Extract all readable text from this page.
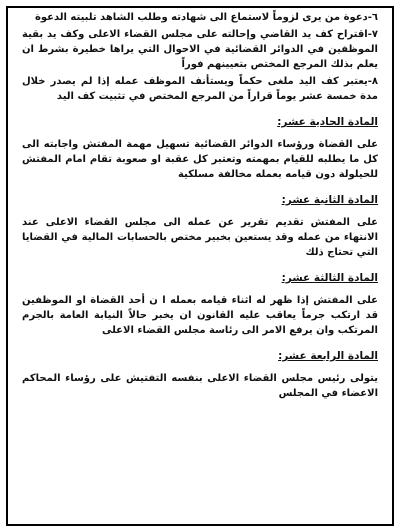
٦-دعوة من يرى لزوماً لاستماع الى شهادته وطلب الشاهد تلبيته الدعوة

٧-اقتراح كف يد القاضي وإحالته على مجلس القضاء الاعلى وكف يد بقية الموظفين في الدوائر القضائية في الاحوال التي يراها خطيرة بشرط ان يعلم بذلك المرجع المختص بتعيينهم فوراً

٨-يعتبر كف اليد ملغى حكماً ويستأنف الموظف عمله إذا لم يصدر خلال مدة خمسة عشر يوماً قراراً من المرجع المختص في تثبيت كف اليد

المادة الحادية عشر:

على القضاة ورؤساء الدوائر القضائية تسهيل مهمة المفتش واجابته الى كل ما يطلبه للقيام بمهمته وتعتبر كل عقبة او صعوبة تقام امام المفتش للحيلولة دون قيامه بعمله مخالفة مسلكية

المادة الثانية عشر:

على المفتش تقديم تقرير عن عمله الى مجلس القضاء الاعلى عند الانتهاء من عمله وقد يستعين بخبير مختص بالحسابات المالية في القضايا التي تحتاج ذلك

المادة الثالثة عشر:

على المفتش إذا ظهر له اثناء قيامه بعمله ا ن أحد القضاة او الموظفين قد ارتكب جرماً يعاقب عليه القانون ان يخبر حالاً النيابة العامة بالجرم المرتكب وان يرفع الامر الى رئاسة مجلس القضاء الاعلى

المادة الرابعة عشر:

يتولى رئيس مجلس القضاء الاعلى بنفسه التفتيش على رؤساء المحاكم الاعضاء في المجلس
